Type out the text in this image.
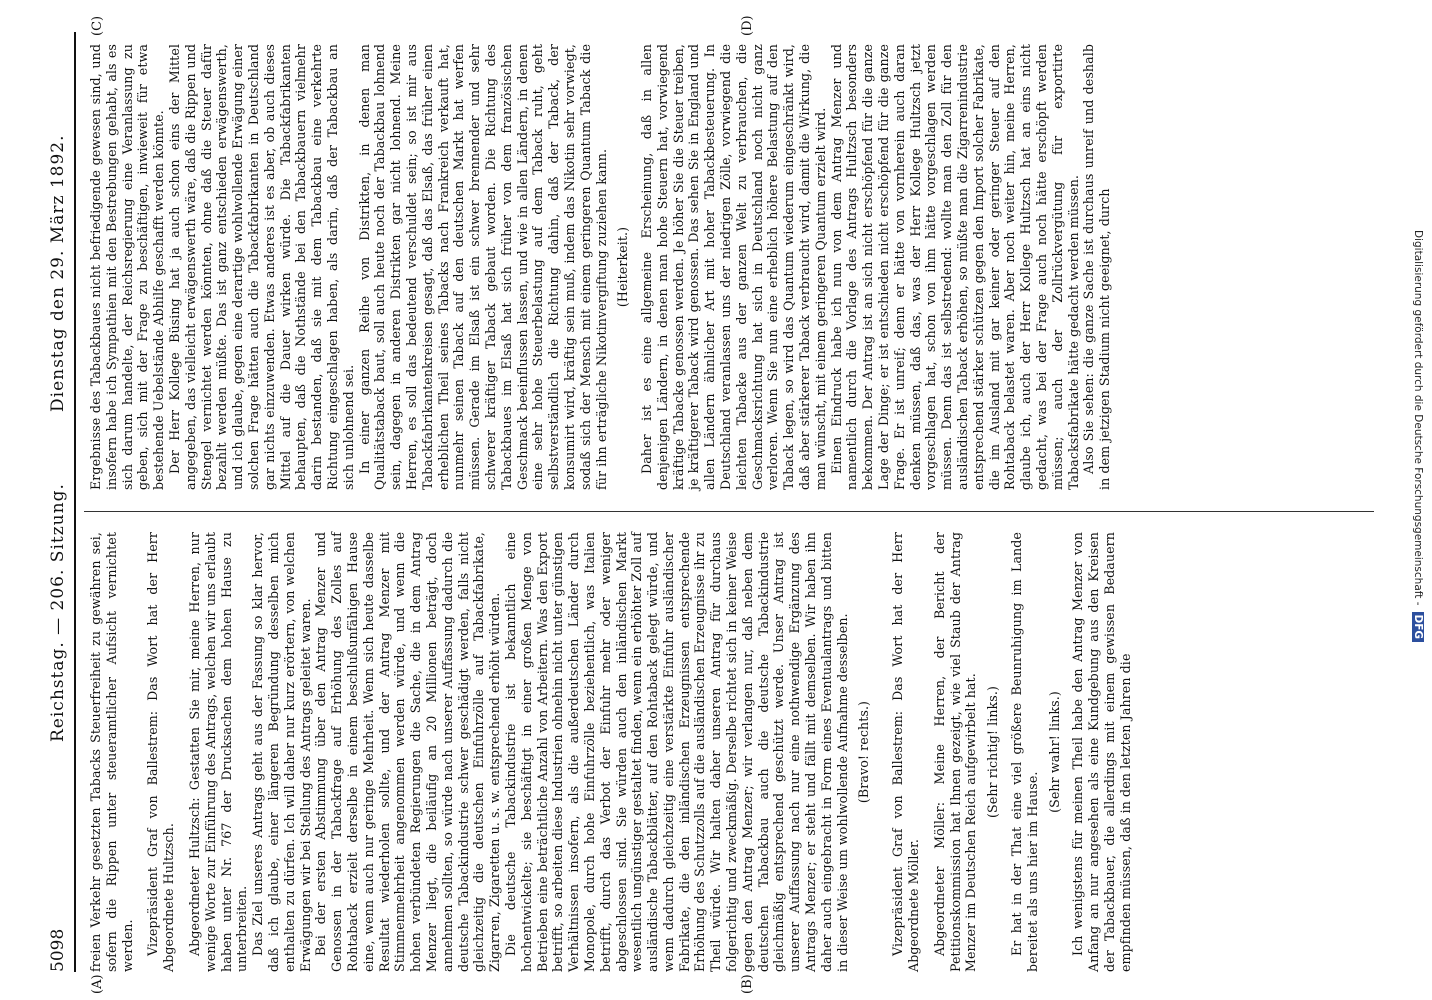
5098
Reichstag. — 206. Sitzung.
Dienstag den 29. März 1892.
(A)	(B)
(C)	(D)

freien Verkehr gesetzten Tabacks Steuerfreiheit zu gewähren sei, sofern die Rippen unter steueramtlicher Aufsicht vernichtet werden. Vizepräsident Graf von Ballestrem: Das Wort hat der Herr Abgeordnete Hultzsch. Abgeordneter Hultzsch: Gestatten Sie mir, meine Herren, nur wenige Worte zur Einführung des Antrags, welchen wir uns erlaubt haben unter Nr. 767 der Drucksachen dem hohen Hause zu unterbreiten. Das Ziel unseres Antrags geht aus der Fassung so klar hervor, daß ich glaube, einer längeren Begründung desselben mich enthalten zu dürfen. Ich will daher nur kurz erörtern, von welchen Erwägungen wir bei Stellung des Antrags geleitet waren. Bei der ersten Abstimmung über den Antrag Menzer und Genossen in der Tabackfrage auf Erhöhung des Zolles auf Rohtaback erzielt derselbe in einem beschlußunfähigen Hause eine, wenn auch nur geringe Mehrheit. Wenn sich heute dasselbe Resultat wiederholen sollte, und der Antrag Menzer mit Stimmenmehrheit angenommen werden würde, und wenn die hohen verbündeten Regierungen die Sache, die in dem Antrag Menzer liegt, die beiläufig an 20 Millionen beträgt, doch annehmen sollten, so würde nach unserer Auffassung dadurch die deutsche Tabackindustrie schwer geschädigt werden, falls nicht gleichzeitig die deutschen Einfuhrzölle auf Tabackfabrikate, Zigarren, Zigaretten u. s. w. entsprechend erhöht würden. Die deutsche Tabackindustrie ist bekanntlich eine hochentwickelte; sie beschäftigt in einer großen Menge von Betrieben eine beträchtliche Anzahl von Arbeitern. Was den Export betrifft, so arbeiten diese Industrien ohnehin nicht unter günstigen Verhältnissen insofern, als die außerdeutschen Länder durch Monopole, durch hohe Einfuhrzölle beziehentlich, was Italien betrifft, durch das Verbot der Einfuhr mehr oder weniger abgeschlossen sind. Sie würden auch den inländischen Markt wesentlich ungünstiger gestaltet finden, wenn ein erhöhter Zoll auf ausländische Tabackblätter, auf den Rohtaback gelegt würde, und wenn dadurch gleichzeitig eine verstärkte Einfuhr ausländischer Fabrikate, die den inländischen Erzeugnissen entsprechende Erhöhung des Schutzzolls auf die ausländischen Erzeugnisse ihr zu Theil würde. Wir halten daher unseren Antrag für durchaus folgerichtig und zweckmäßig. Derselbe richtet sich in keiner Weise gegen den Antrag Menzer; wir verlangen nur, daß neben dem deutschen Tabackbau auch die deutsche Tabackindustrie gleichmäßig entsprechend geschützt werde. Unser Antrag ist unserer Auffassung nach nur eine nothwendige Ergänzung des Antrags Menzer; er steht und fällt mit demselben. Wir haben ihn daher auch eingebracht in Form eines Eventualantrags und bitten in dieser Weise um wohlwollende Aufnahme desselben. (Bravo! rechts.) Vizepräsident Graf von Ballestrem: Das Wort hat der Herr Abgeordnete Möller. Abgeordneter Möller: Meine Herren, der Bericht der Petitionskommission hat Ihnen gezeigt, wie viel Staub der Antrag Menzer im Deutschen Reich aufgewirbelt hat. (Sehr richtig! links.) Er hat in der That eine viel größere Beunruhigung im Lande bereitet als uns hier im Hause.

(Sehr wahr! links.) Ich wenigstens für meinen Theil habe den Antrag Menzer von Anfang an nur angesehen als eine Kundgebung aus den Kreisen der Tabackbauer, die allerdings mit einem gewissen Bedauern empfinden müssen, daß in den letzten Jahren die

Ergebnisse des Tabackbaues nicht befriedigende gewesen sind, und insofern habe ich Sympathien mit den Bestrebungen gehabt, als es sich darum handelte, der Reichsregierung eine Veranlassung zu geben, sich mit der Frage zu beschäftigen, inwieweit für etwa bestehende Uebelstände Abhilfe geschafft werden könnte. Der Herr Kollege Büsing hat ja auch schon eins der Mittel angegeben, das vielleicht erwägenswerth wäre, daß die Rippen und Stengel vernichtet werden könnten, ohne daß die Steuer dafür bezahlt werden müßte. Das ist ganz entschieden erwägenswerth, und ich glaube, gegen eine derartige wohlwollende Erwägung einer solchen Frage hätten auch die Tabackfabrikanten in Deutschland gar nichts einzuwenden. Etwas anderes ist es aber, ob auch dieses Mittel auf die Dauer wirken würde. Die Tabackfabrikanten behaupten, daß die Nothstände bei den Tabackbauern vielmehr darin bestanden, daß sie mit dem Tabackbau eine verkehrte Richtung eingeschlagen haben, als darin, daß der Tabackbau an sich unlohnend sei. In einer ganzen Reihe von Distrikten, in denen man Qualitätstaback baut, soll auch heute noch der Tabackbau lohnend sein, dagegen in anderen Distrikten gar nicht lohnend. Meine Herren, es soll das bedeutend verschuldet sein; so ist mir aus Tabackfabrikantenkreisen gesagt, daß das Elsaß, das früher einen erheblichen Theil seines Tabacks nach Frankreich verkauft hat, nunmehr seinen Taback auf den deutschen Markt hat werfen müssen. Gerade im Elsaß ist ein schwer brennender und sehr schwerer kräftiger Taback gebaut worden. Die Richtung des Tabackbaues im Elsaß hat sich früher von dem französischen Geschmack beeinflussen lassen, und wie in allen Ländern, in denen eine sehr hohe Steuerbelastung auf dem Taback ruht, geht selbstverständlich die Richtung dahin, daß der Taback, der konsumirt wird, kräftig sein muß, indem das Nikotin sehr vorwiegt, sodaß sich der Mensch mit einem geringeren Quantum Taback die für ihn erträgliche Nikotinvergiftung zuziehen kann. (Heiterkeit.) Daher ist es eine allgemeine Erscheinung, daß in allen denjenigen Ländern, in denen man hohe Steuern hat, vorwiegend kräftige Tabacke genossen werden. Je höher Sie die Steuer treiben, je kräftigerer Taback wird genossen. Das sehen Sie in England und allen Ländern ähnlicher Art mit hoher Tabackbesteuerung. In Deutschland veranlassen uns der niedrigen Zölle, vorwiegend die leichten Tabacke aus der ganzen Welt zu verbrauchen, die Geschmacksrichtung hat sich in Deutschland noch nicht ganz verloren. Wenn Sie nun eine erheblich höhere Belastung auf den Taback legen, so wird das Quantum wiederum eingeschränkt wird, daß aber stärkerer Taback verbraucht wird, damit die Wirkung, die man wünscht, mit einem geringeren Quantum erzielt wird. Einen Eindruck habe ich nun von dem Antrag Menzer und namentlich durch die Vorlage des Antrags Hultzsch besonders bekommen. Der Antrag ist an sich nicht erschöpfend für die ganze Lage der Dinge; er ist entschieden nicht erschöpfend für die ganze Frage. Er ist unreif; denn er hätte von vornherein auch daran denken müssen, daß das, was der Herr Kollege Hultzsch jetzt vorgeschlagen hat, schon von ihm hätte vorgeschlagen werden müssen. Denn das ist selbstredend: wollte man den Zoll für den ausländischen Taback erhöhen, so müßte man die Zigarrenindustrie entsprechend stärker schützen gegen den Import solcher Fabrikate, die im Ausland mit gar keiner oder geringer Steuer auf den Rohtaback belastet waren. Aber noch weiter hin, meine Herren, glaube ich, auch der Herr Kollege Hultzsch hat an eins nicht gedacht, was bei der Frage auch noch hätte erschöpft werden müssen; auch der Zollrückvergütung für exportirte Tabacksfabrikate hätte gedacht werden müssen. Also Sie sehen: die ganze Sache ist durchaus unreif und deshalb in dem jetzigen Stadium nicht geeignet, durch	Digitalisierung gefördert durch die Deutsche Forschungsgemeinschaft -DFG
